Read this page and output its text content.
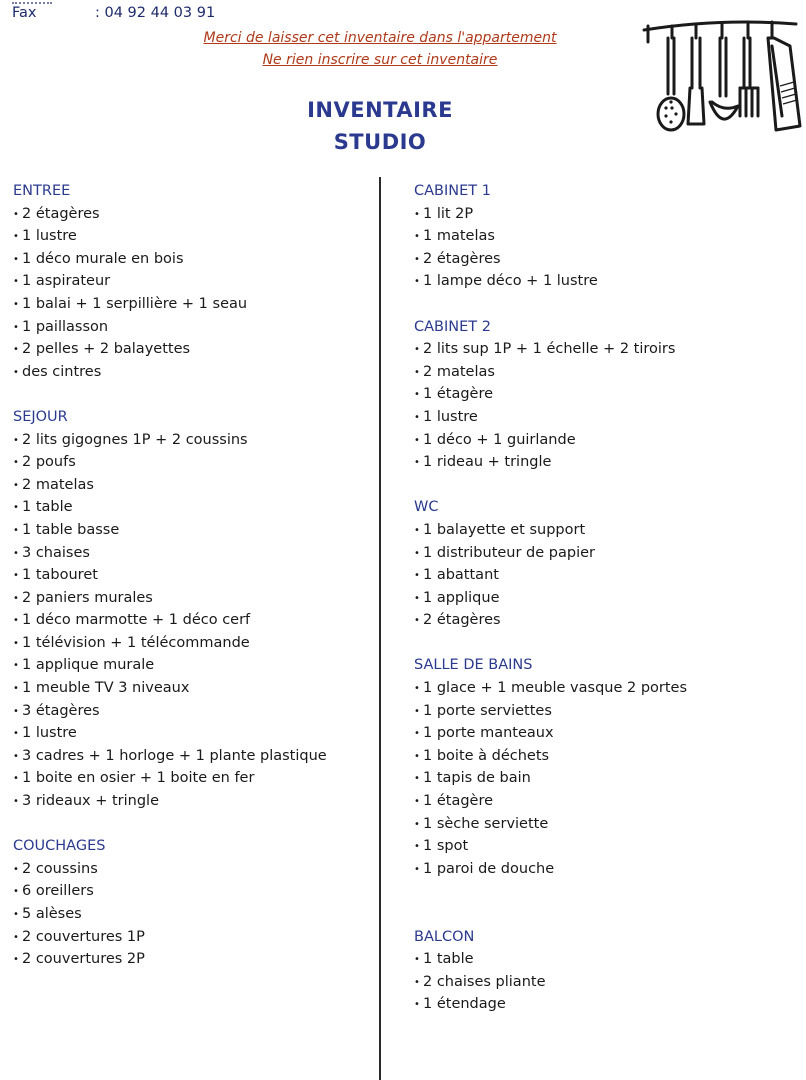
Fax	: 04 92 44 03 91
Merci de laisser cet inventaire dans l'appartement
Ne rien inscrire sur cet inventaire
INVENTAIRE
STUDIO
ENTREE
• 2 étagères
• 1 lustre
• 1 déco murale en bois
• 1 aspirateur
• 1 balai + 1 serpillière + 1 seau
• 1 paillasson
• 2 pelles + 2 balayettes
• des cintres
SEJOUR
• 2 lits gigognes 1P + 2 coussins
• 2 poufs
• 2 matelas
• 1 table
• 1 table basse
• 3 chaises
• 1 tabouret
• 2 paniers murales
• 1 déco marmotte + 1 déco cerf
• 1 télévision + 1 télécommande
• 1 applique murale
• 1 meuble TV 3 niveaux
• 3 étagères
• 1 lustre
• 3 cadres + 1 horloge + 1 plante plastique
• 1 boite en osier + 1 boite en fer
• 3 rideaux + tringle
COUCHAGES
• 2 coussins
• 6 oreillers
• 5 alèses
• 2 couvertures 1P
• 2 couvertures 2P
CABINET 1
• 1 lit 2P
• 1 matelas
• 2 étagères
• 1 lampe déco + 1 lustre
CABINET 2
• 2 lits sup 1P + 1 échelle + 2 tiroirs
• 2 matelas
• 1 étagère
• 1 lustre
• 1 déco + 1 guirlande
• 1 rideau + tringle
WC
• 1 balayette et support
• 1 distributeur de papier
• 1 abattant
• 1 applique
• 2 étagères
SALLE DE BAINS
• 1 glace + 1 meuble vasque 2 portes
• 1 porte serviettes
• 1 porte manteaux
• 1 boite à déchets
• 1 tapis de bain
• 1 étagère
• 1 sèche serviette
• 1 spot
• 1 paroi de douche
BALCON
• 1 table
• 2 chaises pliante
• 1 étendage
